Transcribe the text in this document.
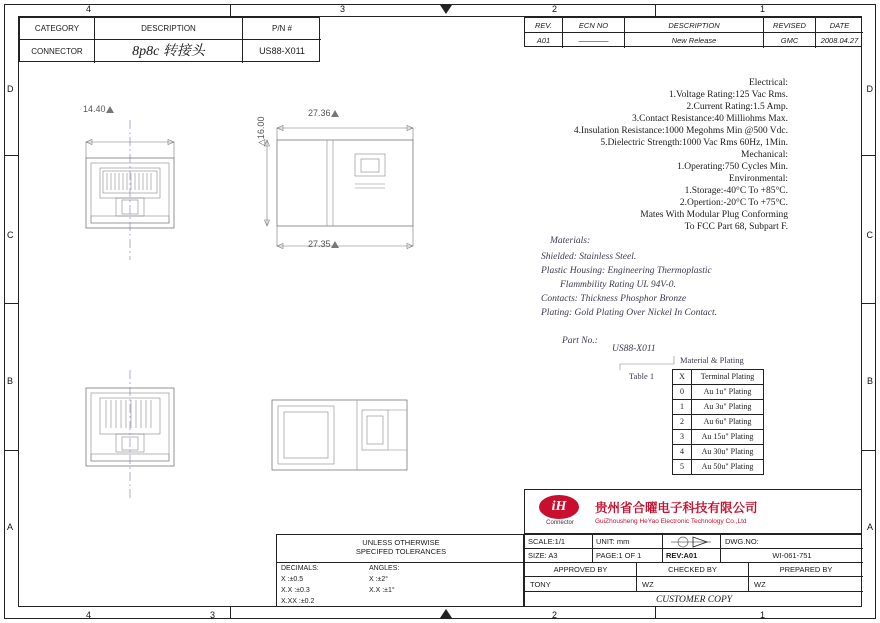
D
C
B
A
D
C
B
A
4	3	2	1
4	3	2	1
CATEGORY	DESCRIPTION	P/N #
CONNECTOR	8p8c 转接头	US88-X011
REV.	ECN NO	DESCRIPTION	REVISED	DATE
A01	————	New Release	GMC	2008.04.27
Electrical:
1.Voltage Rating:125 Vac Rms.
2.Current Rating:1.5 Amp.
3.Contact Resistance:40 Milliohms Max.
4.Insulation Resistance:1000 Megohms Min @500 Vdc.
5.Dielectric Strength:1000 Vac Rms 60Hz, 1Min.
Mechanical:
1.Operating:750 Cycles Min.
Environmental:
1.Storage:-40°C To +85°C.
2.Opertion:-20°C To +75°C.
Mates With Modular Plug Conforming
To FCC Part 68, Subpart F.
Materials:
Shielded: Stainless Steel.
Plastic Housing: Engineering Thermoplastic
Flammbility Rating UL 94V-0.
Contacts: Thickness Phosphor Bronze
Plating: Gold Plating Over Nickel In Contact.
Part No.:
US88-X011
Material & Plating
Table 1	X	Terminal Plating
0	Au 1u" Plating
1	Au 3u" Plating
2	Au 6u" Plating
3	Au 15u" Plating
4	Au 30u" Plating
5	Au 50u" Plating
14.40	27.36
27.35
△16.00
iH
Connector
贵州省合曜电子科技有限公司
GuiZhousheng HeYao Electronic Technology Co.,Ltd
SCALE:1/1	UNIT: mm	DWG.NO:
SIZE: A3	PAGE:1 OF 1	REV:A01	WI-061-751
APPROVED BY	CHECKED BY	PREPARED BY
TONY	WZ	WZ
CUSTOMER COPY
UNLESS OTHERWISE
SPECIFED TOLERANCES
DECIMALS:
X :±0.5
X.X :±0.3
X.XX :±0.2
ANGLES:
X :±2°
X.X :±1°
